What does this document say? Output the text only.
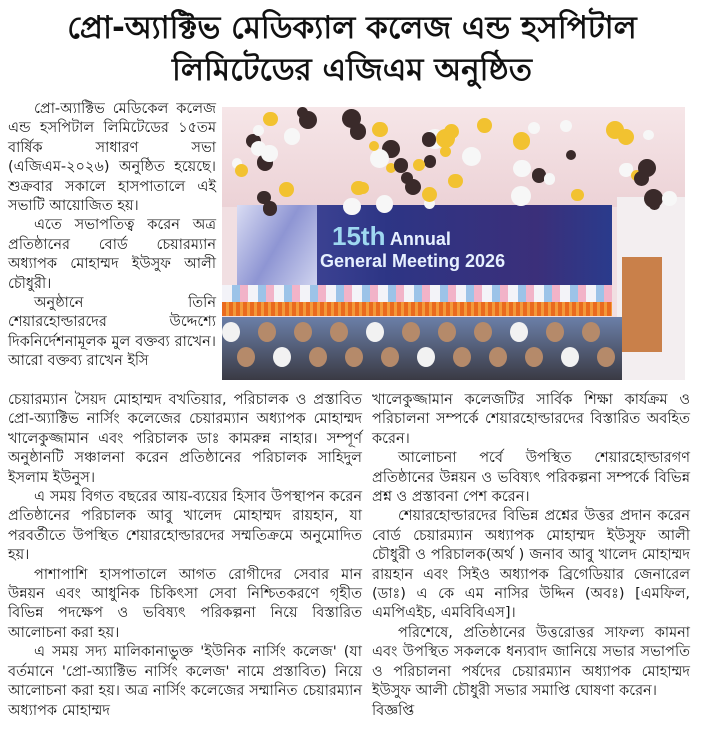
প্রো-অ্যাক্টিভ মেডিক্যাল কলেজ এন্ড হসপিটাল
লিমিটেডের এজিএম অনুষ্ঠিত

প্রো-অ্যাক্টিভ মেডিকেল কলেজ এন্ড হসপিটাল লিমিটেডের ১৫তম বার্ষিক সাধারণ সভা (এজিএম-২০২৬) অনুষ্ঠিত হয়েছে। শুক্রবার সকালে হাসপাতালে এই সভাটি আয়োজিত হয়।

এতে সভাপতিত্ব করেন অত্র প্রতিষ্ঠানের বোর্ড চেয়ারম্যান অধ্যাপক মোহাম্মদ ইউসুফ আলী চৌধুরী।

অনুষ্ঠানে তিনি শেয়ারহোল্ডারদের উদ্দেশ্যে দিকনির্দেশনামূলক মুল বক্তব্য রাখেন। আরো বক্তব্য রাখেন ইসি

15th Annual
General Meeting 2026

চেয়ারম্যান সৈয়দ মোহাম্মদ বখতিয়ার, পরিচালক ও প্রস্তাবিত প্রো-অ্যাক্টিভ নার্সিং কলেজের চেয়ারম্যান অধ্যাপক মোহাম্মদ খালেকুজ্জামান এবং পরিচালক ডাঃ কামরুন্ন নাহার। সম্পূর্ণ অনুষ্ঠানটি সঞ্চালনা করেন প্রতিষ্ঠানের পরিচালক সাহিদুল ইসলাম ইউনুস।

এ সময় বিগত বছরের আয়-ব্যয়ের হিসাব উপস্থাপন করেন প্রতিষ্ঠানের পরিচালক আবু খালেদ মোহাম্মদ রায়হান, যা পরবর্তীতে উপস্থিত শেয়ারহোল্ডারদের সম্মতিক্রমে অনুমোদিত হয়।

পাশাপাশি হাসপাতালে আগত রোগীদের সেবার মান উন্নয়ন এবং আধুনিক চিকিৎসা সেবা নিশ্চিতকরণে গৃহীত বিভিন্ন পদক্ষেপ ও ভবিষ্যৎ পরিকল্পনা নিয়ে বিস্তারিত আলোচনা করা হয়।

এ সময় সদ্য মালিকানাভুক্ত 'ইউনিক নার্সিং কলেজ' (যা বর্তমানে 'প্রো-অ্যাক্টিভ নার্সিং কলেজ' নামে প্রস্তাবিত) নিয়ে আলোচনা করা হয়। অত্র নার্সিং কলেজের সম্মানিত চেয়ারম্যান অধ্যাপক মোহাম্মদ

খালেকুজ্জামান কলেজটির সার্বিক শিক্ষা কার্যক্রম ও পরিচালনা সম্পর্কে শেয়ারহোল্ডারদের বিস্তারিত অবহিত করেন।

আলোচনা পর্বে উপস্থিত শেয়ারহোল্ডারগণ প্রতিষ্ঠানের উন্নয়ন ও ভবিষ্যৎ পরিকল্পনা সম্পর্কে বিভিন্ন প্রশ্ন ও প্রস্তাবনা পেশ করেন।

শেয়ারহোল্ডারদের বিভিন্ন প্রশ্নের উত্তর প্রদান করেন বোর্ড চেয়ারম্যান অধ্যাপক মোহাম্মদ ইউসুফ আলী চৌধুরী ও পরিচালক(অর্থ ) জনাব আবু খালেদ মোহাম্মদ রায়হান এবং সিইও অধ্যাপক ব্রিগেডিয়ার জেনারেল (ডাঃ) এ কে এম নাসির উদ্দিন (অবঃ) [এমফিল, এমপিএইচ, এমবিবিএস]।

পরিশেষে, প্রতিষ্ঠানের উত্তরোত্তর সাফল্য কামনা এবং উপস্থিত সকলকে ধন্যবাদ জানিয়ে সভার সভাপতি ও পরিচালনা পর্ষদের চেয়ারম্যান অধ্যাপক মোহাম্মদ ইউসুফ আলী চৌধুরী সভার সমাপ্তি ঘোষণা করেন।

বিজ্ঞপ্তি
